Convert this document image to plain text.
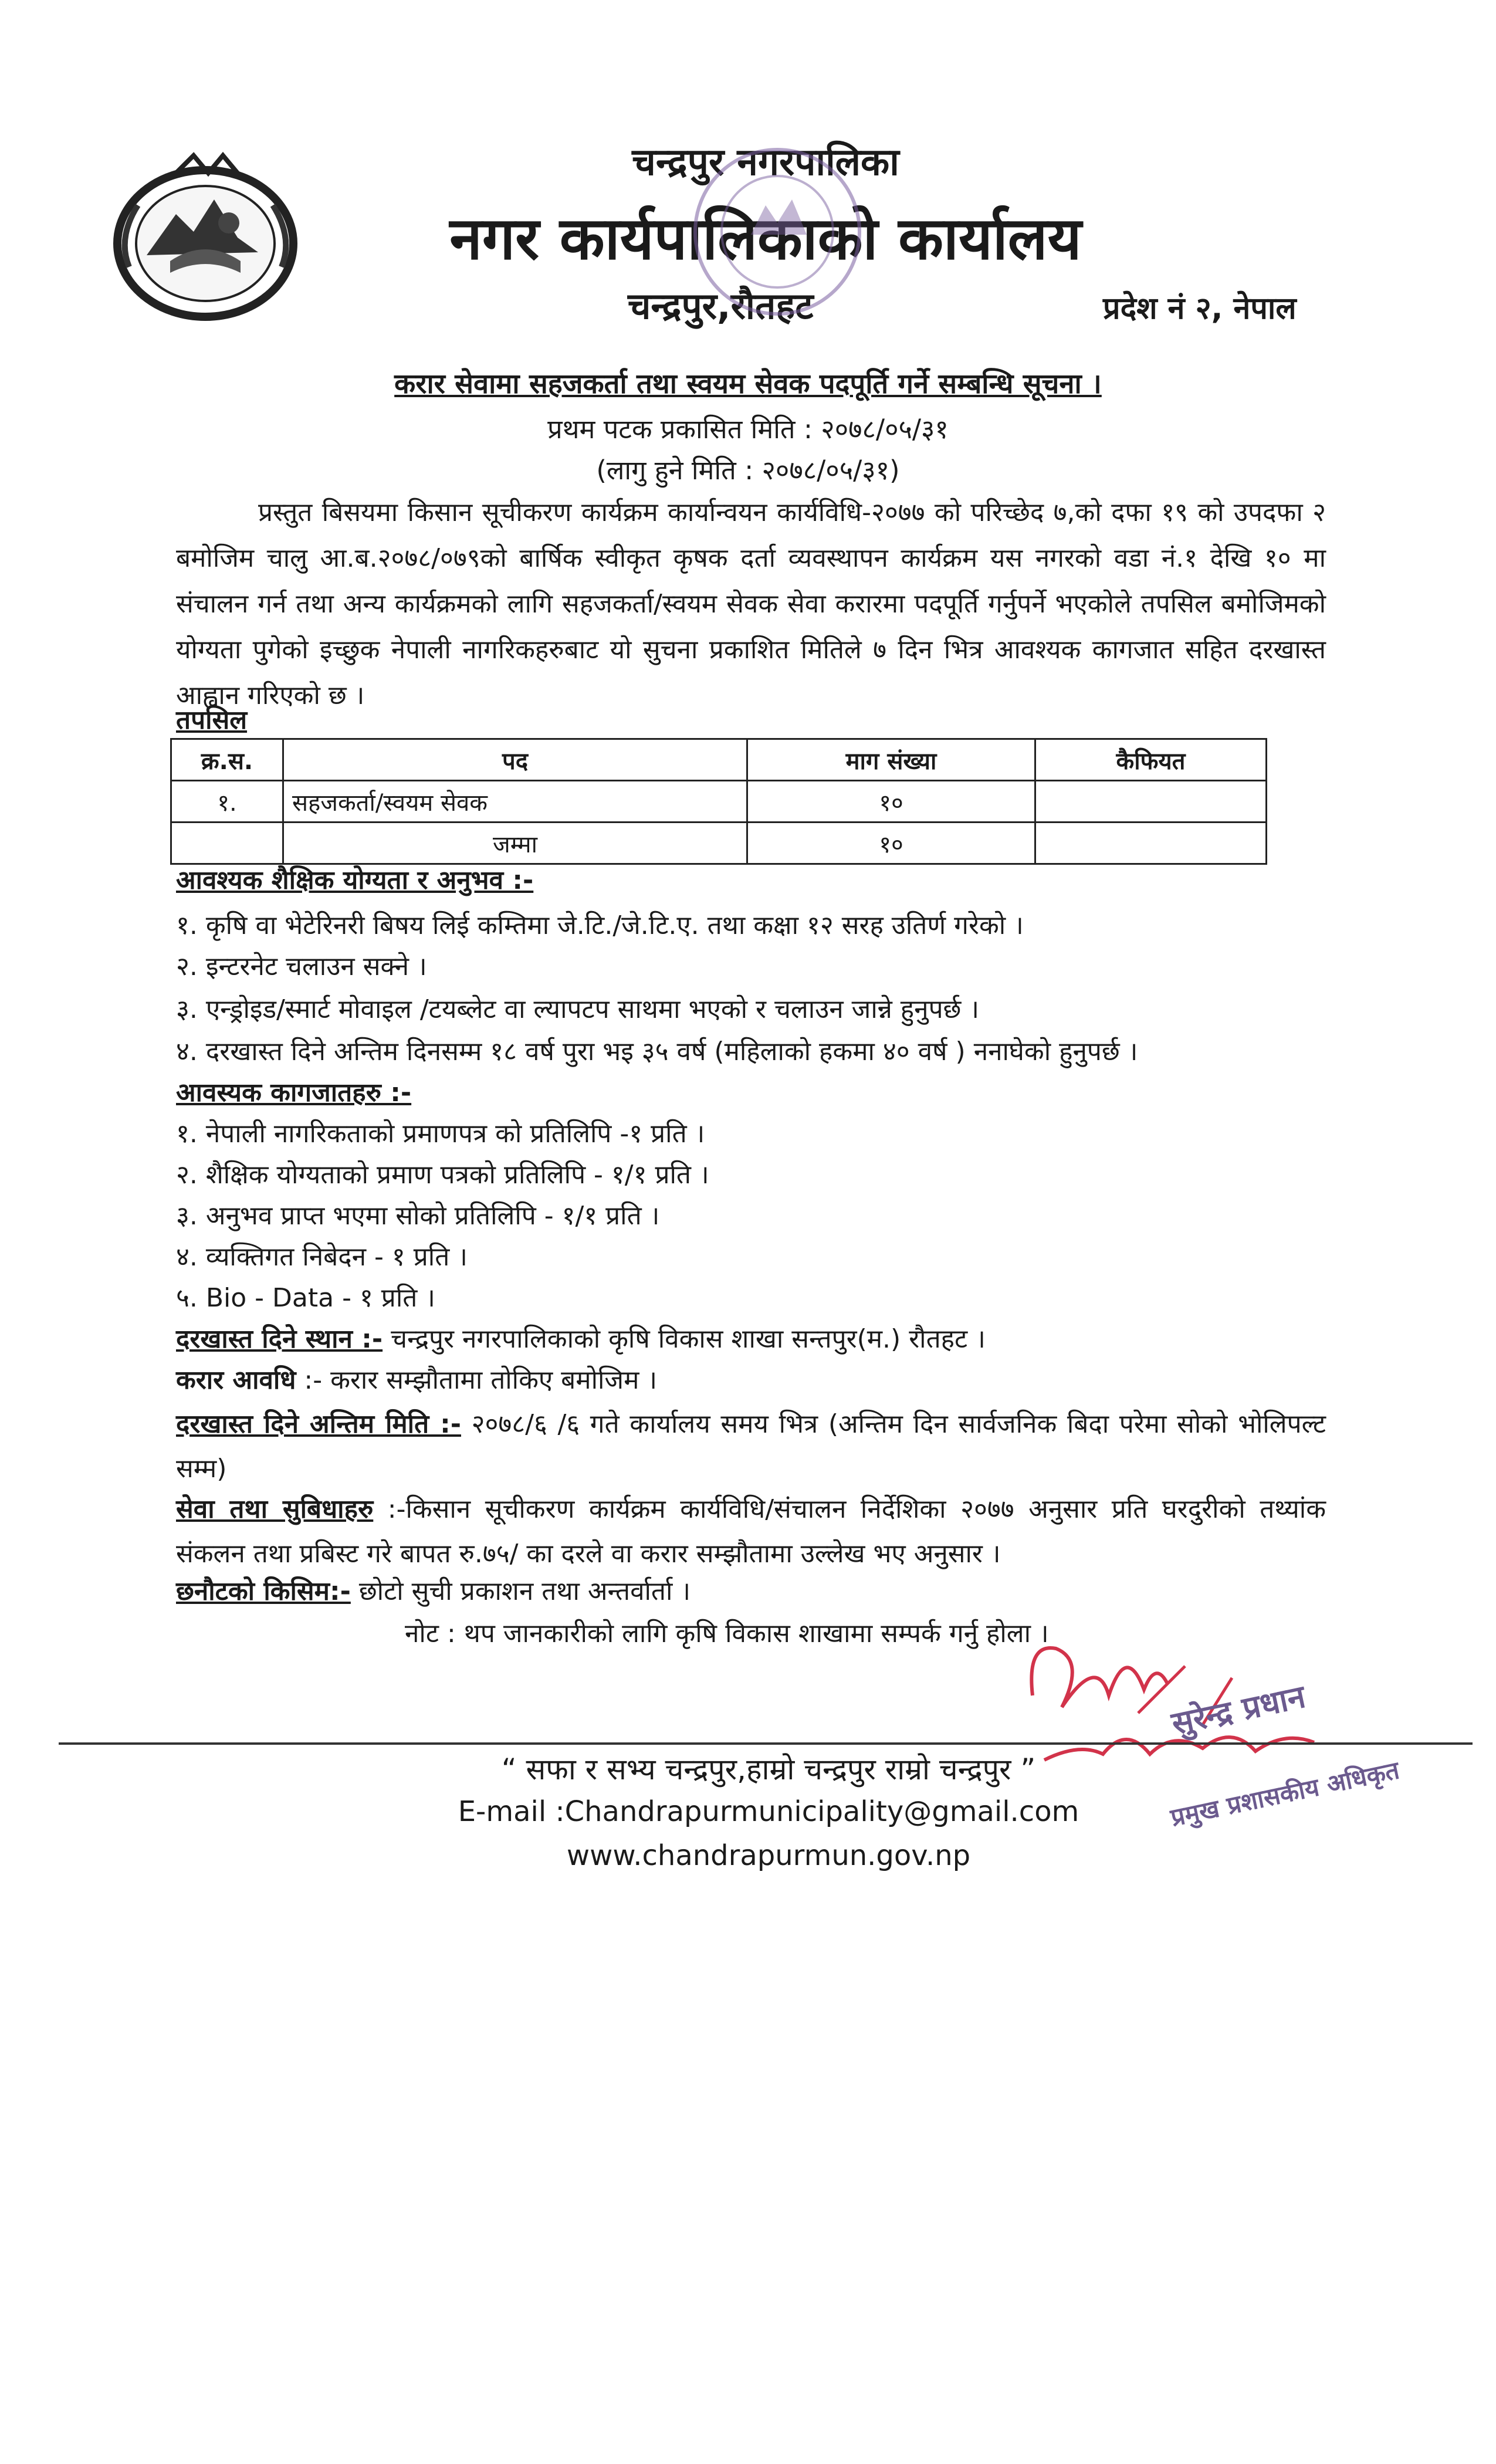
चन्द्रपुर नगरपालिका
नगर कार्यपालिकाको कार्यालय
चन्द्रपुर,रौतहट	प्रदेश नं २, नेपाल
करार सेवामा सहजकर्ता तथा स्वयम सेवक पदपूर्ति गर्ने सम्बन्धि सूचना ।
प्रथम पटक प्रकासित मिति : २०७८/०५/३१
(लागु हुने मिति : २०७८/०५/३१)
प्रस्तुत बिसयमा किसान सूचीकरण कार्यक्रम कार्यान्वयन कार्यविधि-२०७७ को परिच्छेद ७,को दफा १९ को उपदफा २ बमोजिम चालु आ.ब.२०७८/०७९को बार्षिक स्वीकृत कृषक दर्ता व्यवस्थापन कार्यक्रम यस नगरको वडा नं.१ देखि १० मा संचालन गर्न तथा अन्य कार्यक्रमको लागि सहजकर्ता/स्वयम सेवक सेवा करारमा पदपूर्ति गर्नुपर्ने भएकोले तपसिल बमोजिमको योग्यता पुगेको इच्छुक नेपाली नागरिकहरुबाट यो सुचना प्रकाशित मितिले ७ दिन भित्र आवश्यक कागजात सहित दरखास्त आह्वान गरिएको छ ।
तपसिल
क्र.स.	पद	माग संख्या	कैफियत
१.	सहजकर्ता/स्वयम सेवक	१०	
	जम्मा	१०	
आवश्यक शैक्षिक योग्यता र अनुभव :-
१. कृषि वा भेटेरिनरी बिषय लिई कम्तिमा जे.टि./जे.टि.ए. तथा कक्षा १२ सरह उतिर्ण गरेको ।
२. इन्टरनेट चलाउन सक्ने ।
३. एन्ड्रोइड/स्मार्ट मोवाइल /टयब्लेट वा ल्यापटप साथमा भएको र चलाउन जान्ने हुनुपर्छ ।
४. दरखास्त दिने अन्तिम दिनसम्म १८ वर्ष पुरा भइ ३५ वर्ष (महिलाको हकमा ४० वर्ष ) ननाघेको हुनुपर्छ ।
आवस्यक कागजातहरु :-
१. नेपाली नागरिकताको प्रमाणपत्र को प्रतिलिपि -१ प्रति ।
२. शैक्षिक योग्यताको प्रमाण पत्रको प्रतिलिपि - १/१ प्रति ।
३. अनुभव प्राप्त भएमा सोको प्रतिलिपि - १/१ प्रति ।
४. व्यक्तिगत निबेदन - १ प्रति ।
५. Bio - Data - १ प्रति ।
दरखास्त दिने स्थान :- चन्द्रपुर नगरपालिकाको कृषि विकास शाखा सन्तपुर(म.) रौतहट ।
करार आवधि :- करार सम्झौतामा तोकिए बमोजिम ।
दरखास्त दिने अन्तिम मिति :- २०७८/६ /६ गते कार्यालय समय भित्र (अन्तिम दिन सार्वजनिक बिदा परेमा सोको भोलिपल्ट सम्म)
सेवा तथा सुबिधाहरु :-किसान सूचीकरण कार्यक्रम कार्यविधि/संचालन निर्देशिका २०७७ अनुसार प्रति घरदुरीको तथ्यांक संकलन तथा प्रबिस्ट गरे बापत रु.७५/ का दरले वा करार सम्झौतामा उल्लेख भए अनुसार ।
छनौटको किसिम:- छोटो सुची प्रकाशन तथा अन्तर्वार्ता ।
नोट : थप जानकारीको लागि कृषि विकास शाखामा सम्पर्क गर्नु होला ।
सुरेन्द्र प्रधान
प्रमुख प्रशासकीय अधिकृत
“ सफा र सभ्य चन्द्रपुर,हाम्रो चन्द्रपुर राम्रो चन्द्रपुर ”
E-mail :Chandrapurmunicipality@gmail.com
www.chandrapurmun.gov.np
